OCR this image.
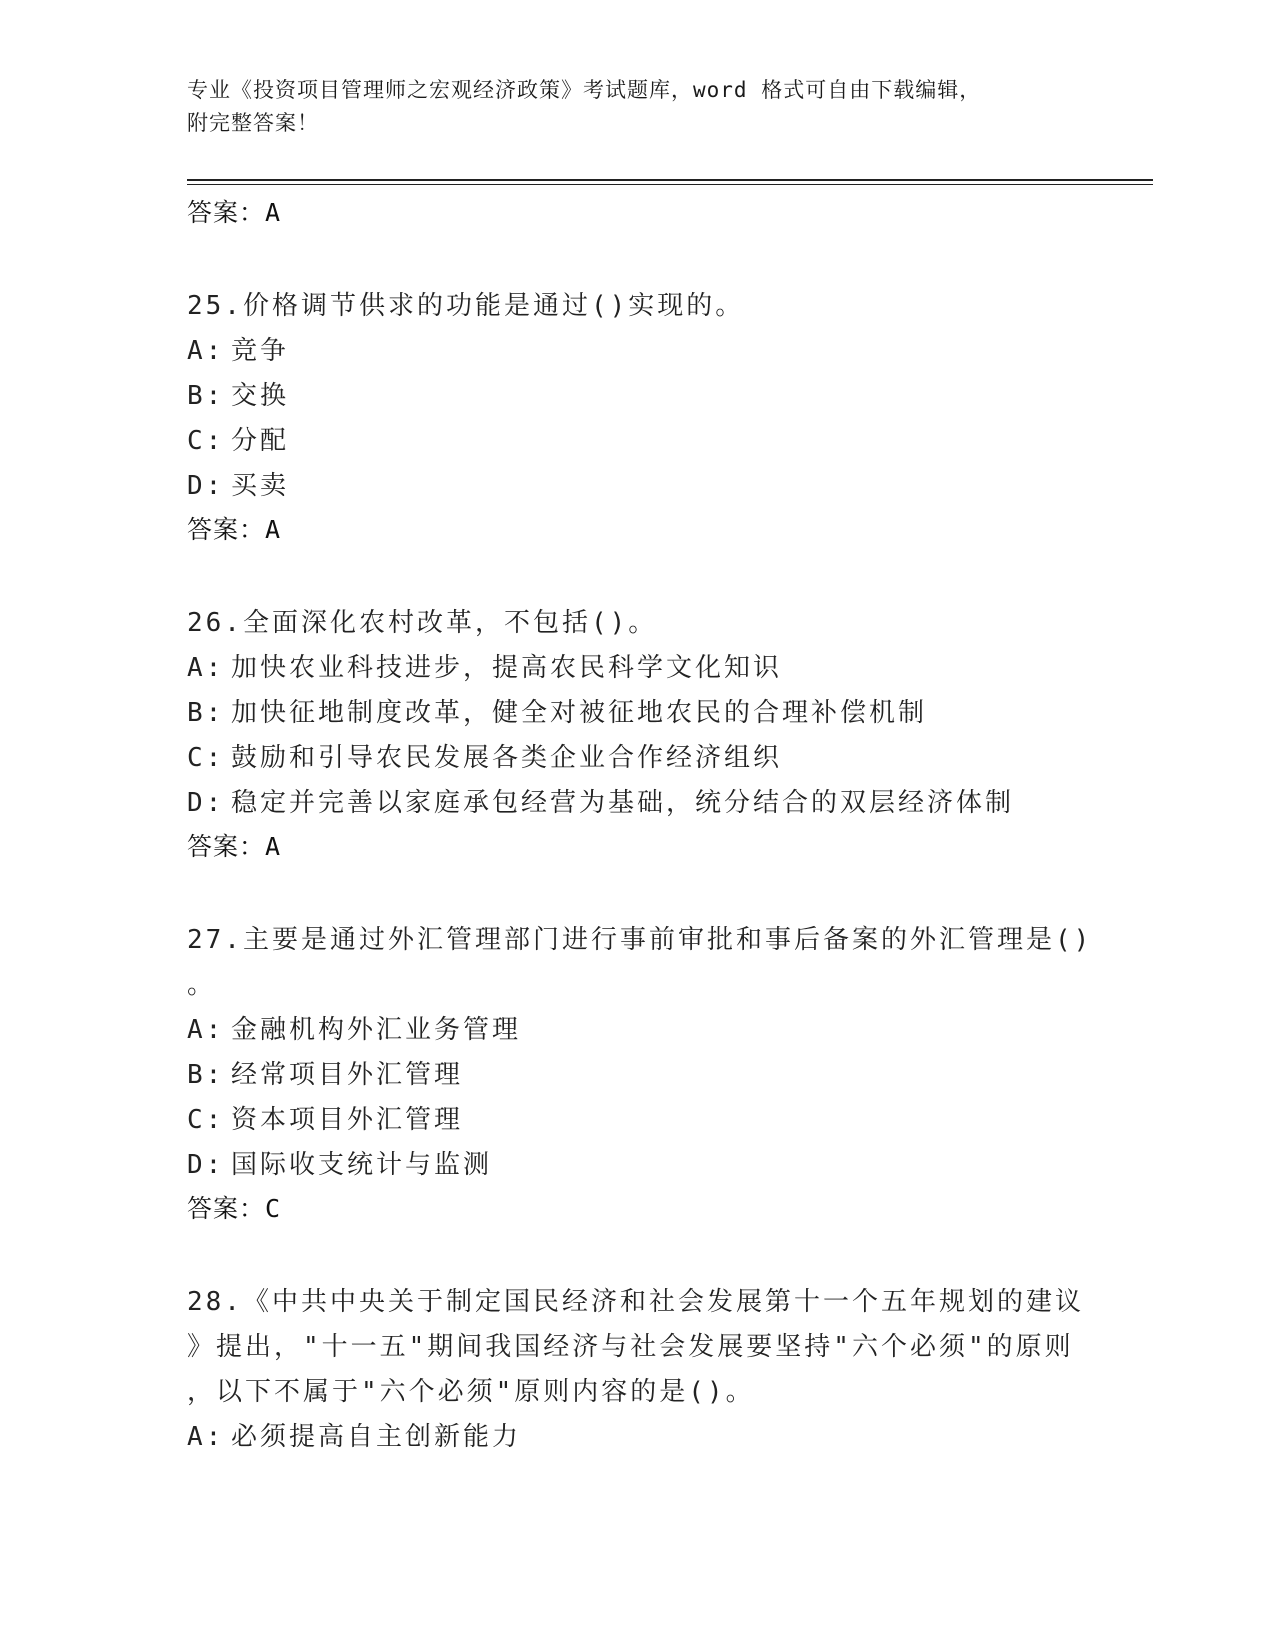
专业《投资项目管理师之宏观经济政策》考试题库，word 格式可自由下载编辑，
附完整答案！
答案：A
25.价格调节供求的功能是通过()实现的。
A: 竞争
B: 交换
C: 分配
D: 买卖
答案：A
26.全面深化农村改革，不包括()。
A: 加快农业科技进步，提高农民科学文化知识
B: 加快征地制度改革，健全对被征地农民的合理补偿机制
C: 鼓励和引导农民发展各类企业合作经济组织
D: 稳定并完善以家庭承包经营为基础，统分结合的双层经济体制
答案：A
27.主要是通过外汇管理部门进行事前审批和事后备案的外汇管理是()
。
A: 金融机构外汇业务管理
B: 经常项目外汇管理
C: 资本项目外汇管理
D: 国际收支统计与监测
答案：C
28.《中共中央关于制定国民经济和社会发展第十一个五年规划的建议
》提出，"十一五"期间我国经济与社会发展要坚持"六个必须"的原则
，以下不属于"六个必须"原则内容的是()。
A: 必须提高自主创新能力
